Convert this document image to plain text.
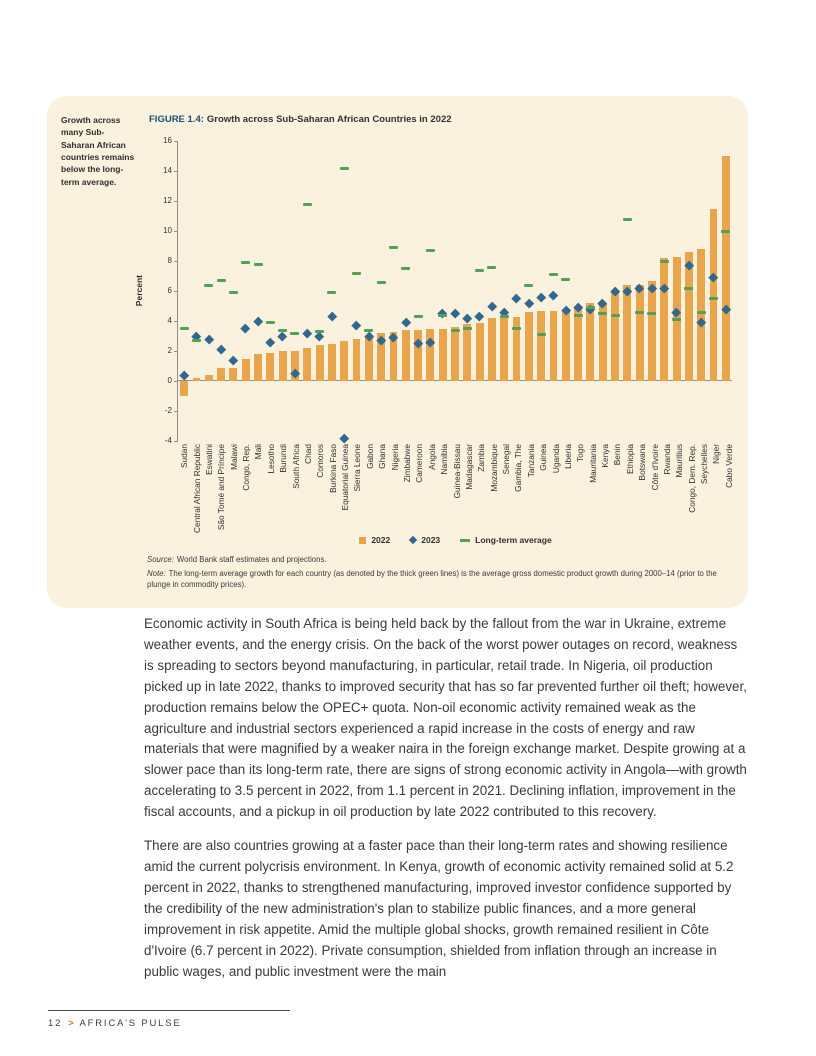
Growth across many Sub-Saharan African countries remains below the long-term average.
FIGURE 1.4: Growth across Sub-Saharan African Countries in 2022
Percent
16
14
12
10
8
6
4
2
0
-2
-4
Sudan Central African Republic Eswatini São Tomé and Príncipe Malawi Congo, Rep. Mali Lesotho Burundi South Africa Chad Comoros Burkina Faso Equatorial Guinea Sierra Leone Gabon Ghana Nigeria Zimbabwe Cameroon Angola Namibia Guinea-Bissau Madagascar Zambia Mozambique Senegal Gambia, The Tanzania Guinea Uganda Liberia Togo Mauritania Kenya Benin Ethiopia Botswana Côte d'Ivoire Rwanda Mauritius Congo, Dem. Rep. Seychelles Niger Cabo Verde
2022	2023	Long-term average

Source: World Bank staff estimates and projections.

Note: The long-term average growth for each country (as denoted by the thick green lines) is the average gross domestic product growth during 2000–14 (prior to the plunge in commodity prices).

Economic activity in South Africa is being held back by the fallout from the war in Ukraine, extreme weather events, and the energy crisis. On the back of the worst power outages on record, weakness is spreading to sectors beyond manufacturing, in particular, retail trade. In Nigeria, oil production picked up in late 2022, thanks to improved security that has so far prevented further oil theft; however, production remains below the OPEC+ quota. Non-oil economic activity remained weak as the agriculture and industrial sectors experienced a rapid increase in the costs of energy and raw materials that were magnified by a weaker naira in the foreign exchange market. Despite growing at a slower pace than its long-term rate, there are signs of strong economic activity in Angola—with growth accelerating to 3.5 percent in 2022, from 1.1 percent in 2021. Declining inflation, improvement in the fiscal accounts, and a pickup in oil production by late 2022 contributed to this recovery.

There are also countries growing at a faster pace than their long-term rates and showing resilience amid the current polycrisis environment. In Kenya, growth of economic activity remained solid at 5.2 percent in 2022, thanks to strengthened manufacturing, improved investor confidence supported by the credibility of the new administration's plan to stabilize public finances, and a more general improvement in risk appetite. Amid the multiple global shocks, growth remained resilient in Côte d'Ivoire (6.7 percent in 2022). Private consumption, shielded from inflation through an increase in public wages, and public investment were the main

12 > AFRICA'S PULSE
